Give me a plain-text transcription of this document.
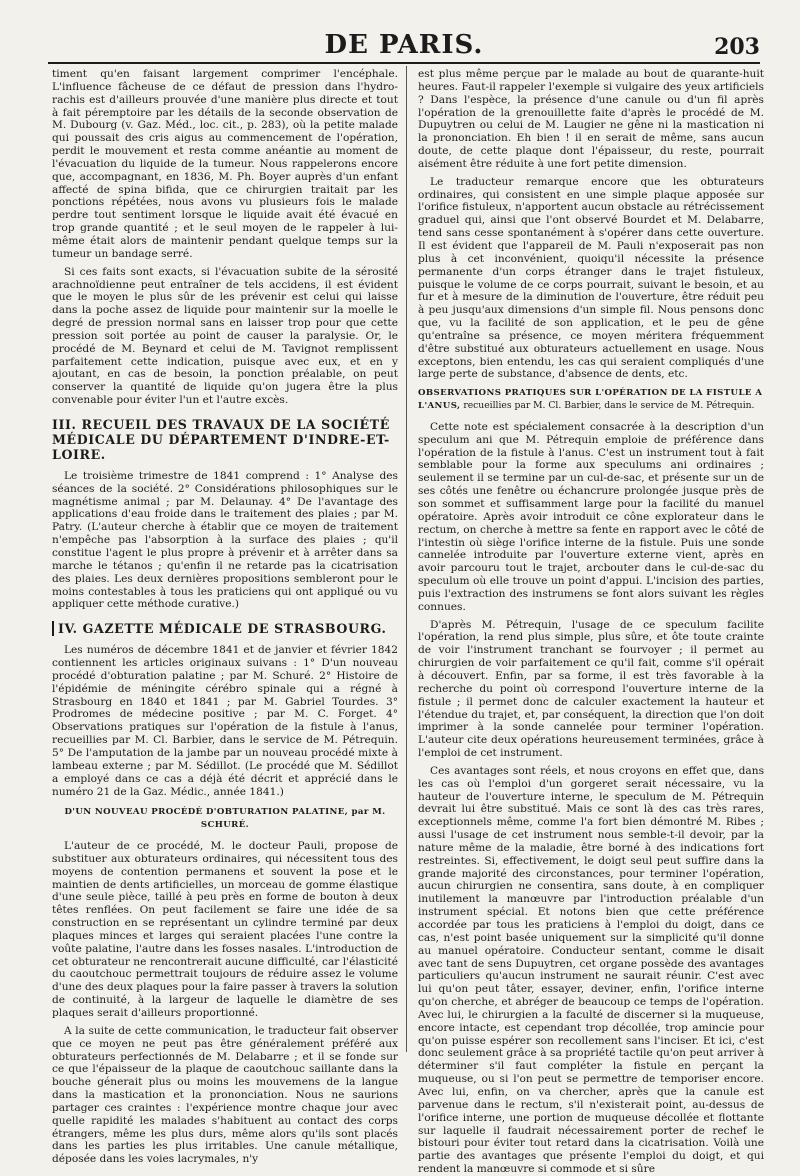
DE PARIS.	203

timent qu'en faisant largement comprimer l'encéphale. L'influence fâcheuse de ce défaut de pression dans l'hydro-rachis est d'ailleurs prouvée d'une manière plus directe et tout à fait péremptoire par les détails de la seconde observation de M. Dubourg (v. Gaz. Méd., loc. cit., p. 283), où la petite malade qui poussait des cris aigus au commencement de l'opération, perdit le mouvement et resta comme anéantie au moment de l'évacuation du liquide de la tumeur. Nous rappelerons encore que, accompagnant, en 1836, M. Ph. Boyer auprès d'un enfant affecté de spina bifida, que ce chirurgien traitait par les ponctions répétées, nous avons vu plusieurs fois le malade perdre tout sentiment lorsque le liquide avait été évacué en trop grande quantité ; et le seul moyen de le rappeler à lui-même était alors de maintenir pendant quelque temps sur la tumeur un bandage serré.

Si ces faits sont exacts, si l'évacuation subite de la sérosité arachnoïdienne peut entraîner de tels accidens, il est évident que le moyen le plus sûr de les prévenir est celui qui laisse dans la poche assez de liquide pour maintenir sur la moelle le degré de pression normal sans en laisser trop pour que cette pression soit portée au point de causer la paralysie. Or, le procédé de M. Beynard et celui de M. Tavignot remplissent parfaitement cette indication, puisque avec eux, et en y ajoutant, en cas de besoin, la ponction préalable, on peut conserver la quantité de liquide qu'on jugera être la plus convenable pour éviter l'un et l'autre excès.

III. RECUEIL DES TRAVAUX DE LA SOCIÉTÉ MÉDICALE DU DÉPARTEMENT D'INDRE-ET-LOIRE.

Le troisième trimestre de 1841 comprend : 1° Analyse des séances de la société. 2° Considérations philosophiques sur le magnétisme animal ; par M. Delaunay. 4° De l'avantage des applications d'eau froide dans le traitement des plaies ; par M. Patry. (L'auteur cherche à établir que ce moyen de traitement n'empêche pas l'absorption à la surface des plaies ; qu'il constitue l'agent le plus propre à prévenir et à arrêter dans sa marche le tétanos ; qu'enfin il ne retarde pas la cicatrisation des plaies. Les deux dernières propositions sembleront pour le moins contestables à tous les praticiens qui ont appliqué ou vu appliquer cette méthode curative.)

IV. GAZETTE MÉDICALE DE STRASBOURG.

Les numéros de décembre 1841 et de janvier et février 1842 contiennent les articles originaux suivans : 1° D'un nouveau procédé d'obturation palatine ; par M. Schuré. 2° Histoire de l'épidémie de méningite cérébro spinale qui a régné à Strasbourg en 1840 et 1841 ; par M. Gabriel Tourdes. 3° Prodromes de médecine positive ; par M. C. Forget. 4° Observations pratiques sur l'opération de la fistule à l'anus, recueillies par M. Cl. Barbier, dans le service de M. Pétrequin. 5° De l'amputation de la jambe par un nouveau procédé mixte à lambeau externe ; par M. Sédillot. (Le procédé que M. Sédillot a employé dans ce cas a déjà été décrit et apprécié dans le numéro 21 de la Gaz. Médic., année 1841.)

D'UN NOUVEAU PROCÉDÉ D'OBTURATION PALATINE, par M. SCHURÉ.

L'auteur de ce procédé, M. le docteur Pauli, propose de substituer aux obturateurs ordinaires, qui nécessitent tous des moyens de contention permanens et souvent la pose et le maintien de dents artificielles, un morceau de gomme élastique d'une seule pièce, taillé à peu près en forme de bouton à deux têtes renflées. On peut facilement se faire une idée de sa construction en se représentant un cylindre terminé par deux plaques minces et larges qui seraient placées l'une contre la voûte palatine, l'autre dans les fosses nasales. L'introduction de cet obturateur ne rencontrerait aucune difficulté, car l'élasticité du caoutchouc permettrait toujours de réduire assez le volume d'une des deux plaques pour la faire passer à travers la solution de continuité, à la largeur de laquelle le diamètre de ses plaques serait d'ailleurs proportionné.

A la suite de cette communication, le traducteur fait observer que ce moyen ne peut pas être généralement préféré aux obturateurs perfectionnés de M. Delabarre ; et il se fonde sur ce que l'épaisseur de la plaque de caoutchouc saillante dans la bouche génerait plus ou moins les mouvemens de la langue dans la mastication et la prononciation. Nous ne saurions partager ces craintes : l'expérience montre chaque jour avec quelle rapidité les malades s'habituent au contact des corps étrangers, même les plus durs, même alors qu'ils sont placés dans les parties les plus irritables. Une canule métallique, déposée dans les voies lacrymales, n'y

est plus même perçue par le malade au bout de quarante-huit heures. Faut-il rappeler l'exemple si vulgaire des yeux artificiels ? Dans l'espèce, la présence d'une canule ou d'un fil après l'opération de la grenouillette faite d'après le procédé de M. Dupuytren ou celui de M. Laugier ne gêne ni la mastication ni la prononciation. Eh bien ! il en serait de même, sans aucun doute, de cette plaque dont l'épaisseur, du reste, pourrait aisément être réduite à une fort petite dimension.

Le traducteur remarque encore que les obturateurs ordinaires, qui consistent en une simple plaque apposée sur l'orifice fistuleux, n'apportent aucun obstacle au rétrécissement graduel qui, ainsi que l'ont observé Bourdet et M. Delabarre, tend sans cesse spontanément à s'opérer dans cette ouverture. Il est évident que l'appareil de M. Pauli n'exposerait pas non plus à cet inconvénient, quoiqu'il nécessite la présence permanente d'un corps étranger dans le trajet fistuleux, puisque le volume de ce corps pourrait, suivant le besoin, et au fur et à mesure de la diminution de l'ouverture, être réduit peu à peu jusqu'aux dimensions d'un simple fil. Nous pensons donc que, vu la facilité de son application, et le peu de gêne qu'entraîne sa présence, ce moyen méritera fréquemment d'être substitué aux obturateurs actuellement en usage. Nous exceptons, bien entendu, les cas qui seraient compliqués d'une large perte de substance, d'absence de dents, etc.

OBSERVATIONS PRATIQUES SUR L'OPÉRATION DE LA FISTULE A L'ANUS, recueillies par M. Cl. Barbier, dans le service de M. Pétrequin.

Cette note est spécialement consacrée à la description d'un speculum ani que M. Pétrequin emploie de préférence dans l'opération de la fistule à l'anus. C'est un instrument tout à fait semblable pour la forme aux speculums ani ordinaires ; seulement il se termine par un cul-de-sac, et présente sur un de ses côtés une fenêtre ou échancrure prolongée jusque près de son sommet et suffisamment large pour la facilité du manuel opératoire. Après avoir introduit ce cône explorateur dans le rectum, on cherche à mettre sa fente en rapport avec le côté de l'intestin où siège l'orifice interne de la fistule. Puis une sonde cannelée introduite par l'ouverture externe vient, après en avoir parcouru tout le trajet, arcbouter dans le cul-de-sac du speculum où elle trouve un point d'appui. L'incision des parties, puis l'extraction des instrumens se font alors suivant les règles connues.

D'après M. Pétrequin, l'usage de ce speculum facilite l'opération, la rend plus simple, plus sûre, et ôte toute crainte de voir l'instrument tranchant se fourvoyer ; il permet au chirurgien de voir parfaitement ce qu'il fait, comme s'il opérait à découvert. Enfin, par sa forme, il est très favorable à la recherche du point où correspond l'ouverture interne de la fistule ; il permet donc de calculer exactement la hauteur et l'étendue du trajet, et, par conséquent, la direction que l'on doit imprimer à la sonde cannelée pour terminer l'opération. L'auteur cite deux opérations heureusement terminées, grâce à l'emploi de cet instrument.

Ces avantages sont réels, et nous croyons en effet que, dans les cas où l'emploi d'un gorgeret serait nécessaire, vu la hauteur de l'ouverture interne, le speculum de M. Pétrequin devrait lui être substitué. Mais ce sont là des cas très rares, exceptionnels même, comme l'a fort bien démontré M. Ribes ; aussi l'usage de cet instrument nous semble-t-il devoir, par la nature même de la maladie, être borné à des indications fort restreintes. Si, effectivement, le doigt seul peut suffire dans la grande majorité des circonstances, pour terminer l'opération, aucun chirurgien ne consentira, sans doute, à en compliquer inutilement la manœuvre par l'introduction préalable d'un instrument spécial. Et notons bien que cette préférence accordée par tous les praticiens à l'emploi du doigt, dans ce cas, n'est point basée uniquement sur la simplicité qu'il donne au manuel opératoire. Conducteur sentant, comme le disait avec tant de sens Dupuytren, cet organe possède des avantages particuliers qu'aucun instrument ne saurait réunir. C'est avec lui qu'on peut tâter, essayer, deviner, enfin, l'orifice interne qu'on cherche, et abréger de beaucoup ce temps de l'opération. Avec lui, le chirurgien a la faculté de discerner si la muqueuse, encore intacte, est cependant trop décollée, trop amincie pour qu'on puisse espérer son recollement sans l'inciser. Et ici, c'est donc seulement grâce à sa propriété tactile qu'on peut arriver à déterminer s'il faut compléter la fistule en perçant la muqueuse, ou si l'on peut se permettre de temporiser encore. Avec lui, enfin, on va chercher, après que la canule est parvenue dans le rectum, s'il n'existerait point, au-dessus de l'orifice interne, une portion de muqueuse décollée et flottante sur laquelle il faudrait nécessairement porter de rechef le bistouri pour éviter tout retard dans la cicatrisation. Voilà une partie des avantages que présente l'emploi du doigt, et qui rendent la manœuvre si commode et si sûre
